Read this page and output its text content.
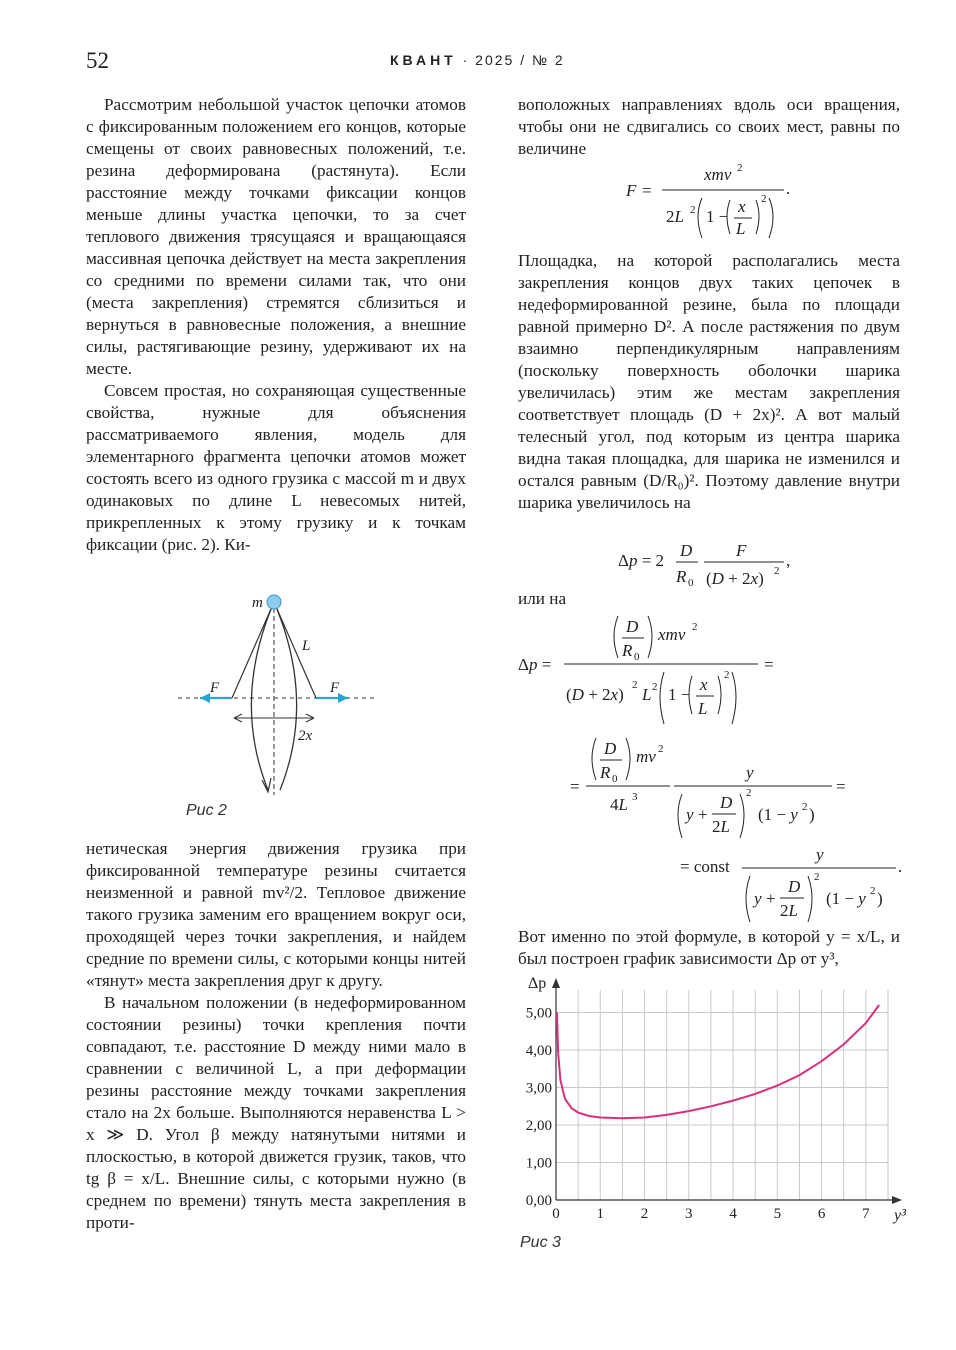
52	КВАНТ · 2025 / № 2

Рассмотрим небольшой участок цепочки атомов с фиксированным положением его концов, которые смещены от своих равновесных положений, т.е. резина деформирована (растянута). Если расстояние между точками фиксации концов меньше длины участка цепочки, то за счет теплового движения трясущаяся и вращающаяся массивная цепочка действует на места закрепления со средними по времени силами так, что они (места закрепления) стремятся сблизиться и вернуться в равновесные положения, а внешние силы, растягивающие резину, удерживают их на месте.

Совсем простая, но сохраняющая существенные свойства, нужные для объяснения рассматриваемого явления, модель для элементарного фрагмента цепочки атомов может состоять всего из одного грузика с массой m и двух одинаковых по длине L невесомых нитей, прикрепленных к этому грузику и к точкам фиксации (рис. 2). Ки-

m
L
F	F
2x
Рис 2

нетическая энергия движения грузика при фиксированной температуре резины считается неизменной и равной mv²/2. Тепловое движение такого грузика заменим его вращением вокруг оси, проходящей через точки закрепления, и найдем средние по времени силы, с которыми концы нитей «тянут» места закрепления друг к другу.

В начальном положении (в недеформированном состоянии резины) точки крепления почти совпадают, т.е. расстояние D между ними мало в сравнении с величиной L, а при деформации резины расстояние между точками закрепления стало на 2x больше. Выполняются неравенства L > x ≫ D. Угол β между натянутыми нитями и плоскостью, в которой движется грузик, таков, что tg β = x/L. Внешние силы, с которыми нужно (в среднем по времени) тянуть места закрепления в проти-

воположных направлениях вдоль оси вращения, чтобы они не сдвигались со своих мест, равны по величине

F =
xmv 2
2L 2 1 −
x
L
2
.

Площадка, на которой располагались места закрепления концов двух таких цепочек в недеформированной резине, была по площади равной примерно D². А после растяжения по двум взаимно перпендикулярным направлениям (поскольку поверхность оболочки шарика увеличилась) этим же местам закрепления соответствует площадь (D + 2x)². А вот малый телесный угол, под которым из центра шарика видна такая площадка, для шарика не изменился и остался равным (D/R₀)². Поэтому давление внутри шарика увеличилось на

Δp = 2
D
R 0
F
(D + 2x) 2
,

или на

Δp =
D
R 0
xmv 2
(D + 2x) 2 L 2 1 −
x
L
2
=
=
D
R 0
mv 2
4L 3
y
y +
D
2L
2
(1 − y 2 )
=
= const
y
y +
D
2L
2
(1 − y 2 )
.

Вот именно по этой формуле, в которой y = x/L, и был построен график зависимости Δp от y³,

0 1 2 3 4 5 6 7
0,00
1,00
2,00
3,00
4,00
5,00
y³
Δp
Рис 3
